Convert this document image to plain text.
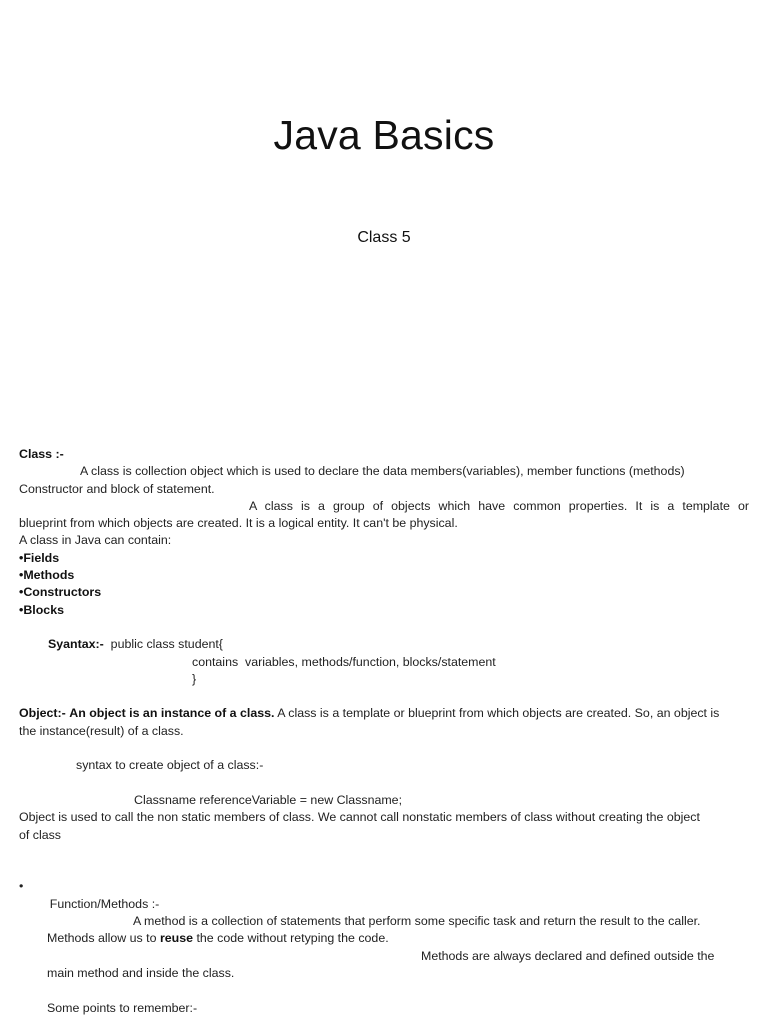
Java Basics
Class 5
Class :-
A class is collection object which is used to declare the data members(variables), member functions (methods)
Constructor and block of statement.
A class is a group of objects which have common properties. It is a template or
blueprint from which objects are created. It is a logical entity. It can't be physical.
A class in Java can contain:
•Fields
•Methods
•Constructors
•Blocks
Syantax:- public class student{
contains  variables, methods/function, blocks/statement
}
Object:- An object is an instance of a class. A class is a template or blueprint from which objects are created. So, an object is
the instance(result) of a class.
syntax to create object of a class:-
Classname referenceVariable = new Classname;
Object is used to call the non static members of class. We cannot call nonstatic members of class without creating the object
of class

•
Function/Methods :-

A method is a collection of statements that perform some specific task and return the result to the caller.
Methods allow us to reuse the code without retyping the code.
Methods are always declared and defined outside the
main method and inside the class.
Some points to remember:-
